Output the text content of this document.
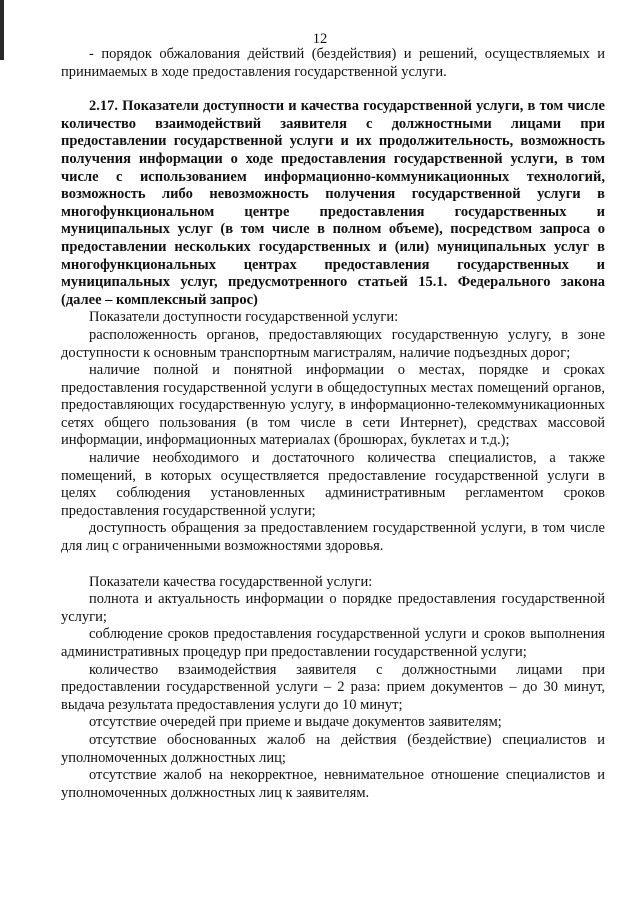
12

- порядок обжалования действий (бездействия) и решений, осуществляемых и принимаемых в ходе предоставления государственной услуги.

2.17. Показатели доступности и качества государственной услуги, в том числе количество взаимодействий заявителя с должностными лицами при предоставлении государственной услуги и их продолжительность, возможность получения информации о ходе предоставления государственной услуги, в том числе с использованием информационно-коммуникационных технологий, возможность либо невозможность получения государственной услуги в многофункциональном центре предоставления государственных и муниципальных услуг (в том числе в полном объеме), посредством запроса о предоставлении нескольких государственных и (или) муниципальных услуг в многофункциональных центрах предоставления государственных и муниципальных услуг, предусмотренного статьей 15.1. Федерального закона (далее – комплексный запрос)

Показатели доступности государственной услуги:

расположенность органов, предоставляющих государственную услугу, в зоне доступности к основным транспортным магистралям, наличие подъездных дорог;

наличие полной и понятной информации о местах, порядке и сроках предоставления государственной услуги в общедоступных местах помещений органов, предоставляющих государственную услугу, в информационно-телекоммуникационных сетях общего пользования (в том числе в сети Интернет), средствах массовой информации, информационных материалах (брошюрах, буклетах и т.д.);

наличие необходимого и достаточного количества специалистов, а также помещений, в которых осуществляется предоставление государственной услуги в целях соблюдения установленных административным регламентом сроков предоставления государственной услуги;

доступность обращения за предоставлением государственной услуги, в том числе для лиц с ограниченными возможностями здоровья.

Показатели качества государственной услуги:

полнота и актуальность информации о порядке предоставления государственной услуги;

соблюдение сроков предоставления государственной услуги и сроков выполнения административных процедур при предоставлении государственной услуги;

количество взаимодействия заявителя с должностными лицами при предоставлении государственной услуги – 2 раза: прием документов – до 30 минут, выдача результата предоставления услуги до 10 минут;

отсутствие очередей при приеме и выдаче документов заявителям;

отсутствие обоснованных жалоб на действия (бездействие) специалистов и уполномоченных должностных лиц;

отсутствие жалоб на некорректное, невнимательное отношение специалистов и уполномоченных должностных лиц к заявителям.
